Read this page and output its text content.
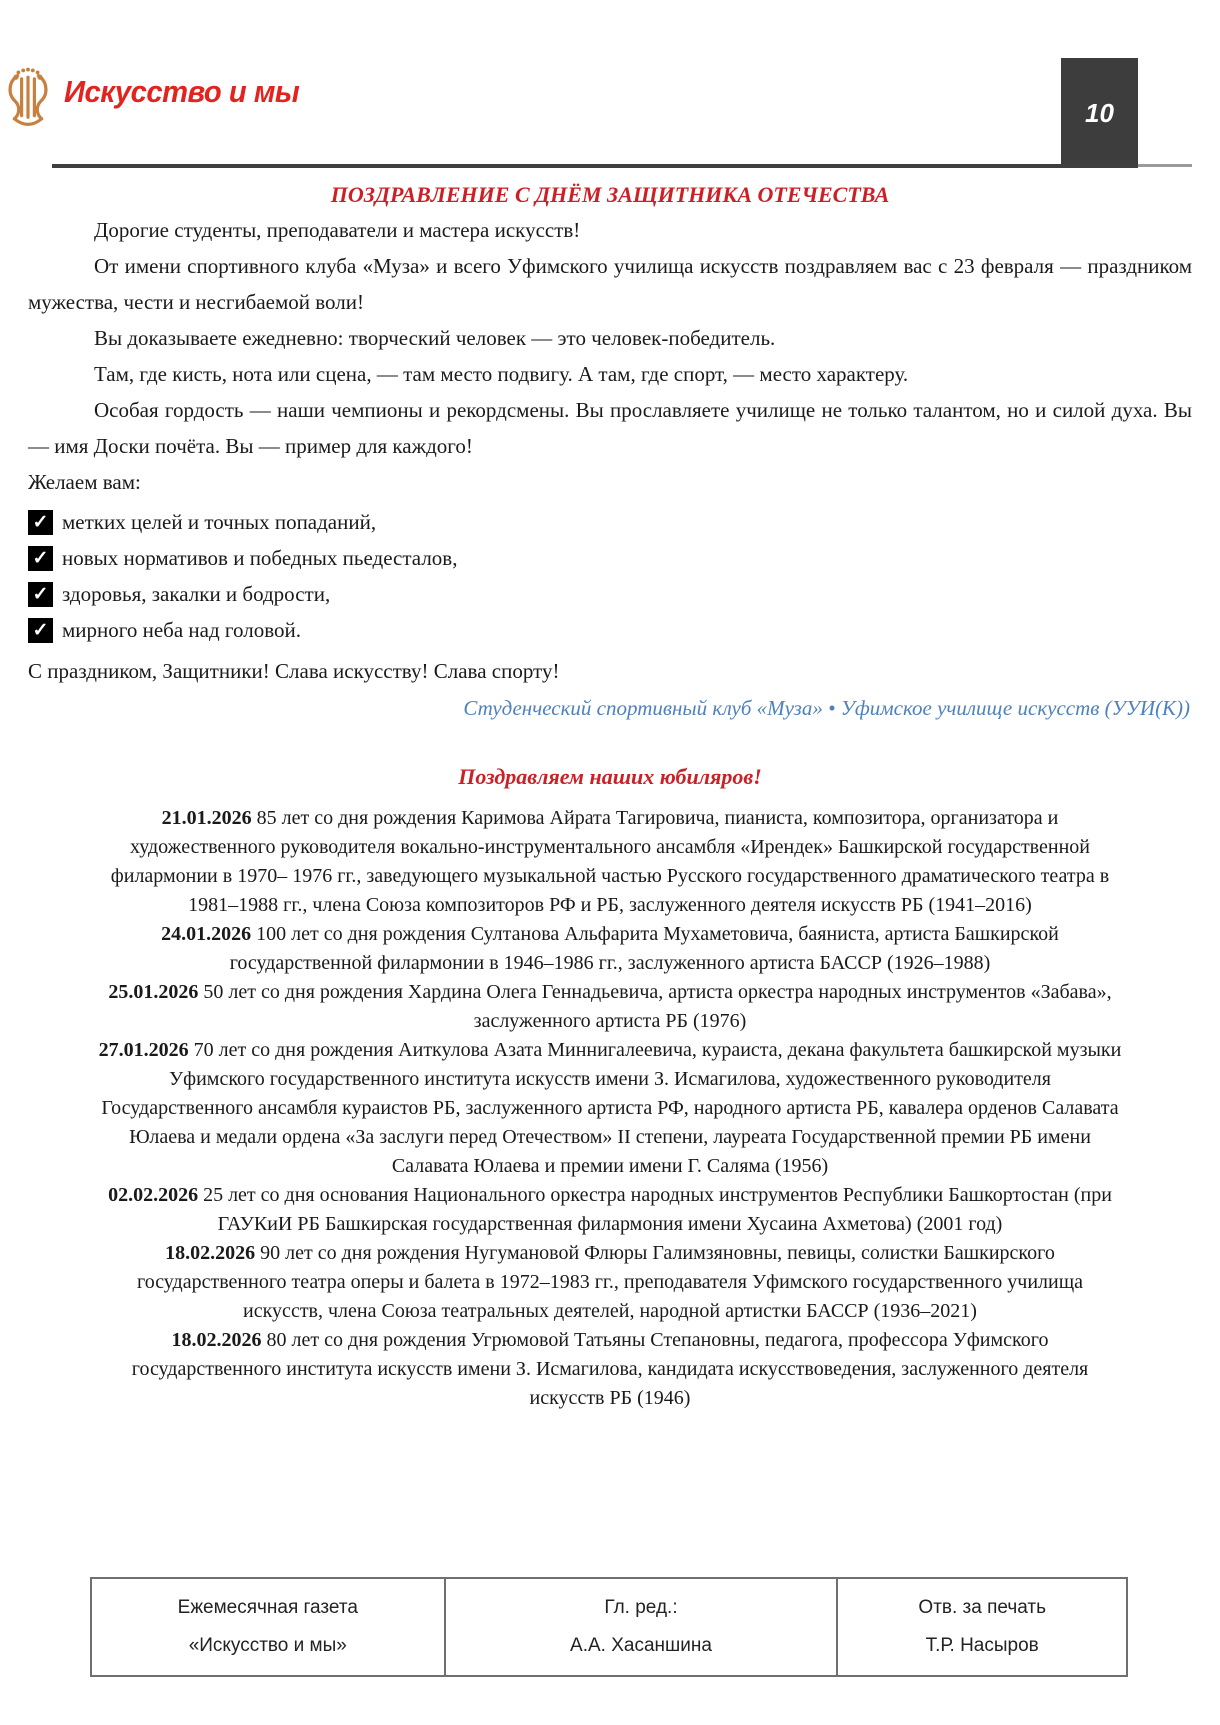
Искусство и мы
10
ПОЗДРАВЛЕНИЕ С ДНЁМ ЗАЩИТНИКА ОТЕЧЕСТВА

Дорогие студенты, преподаватели и мастера искусств!

От имени спортивного клуба «Муза» и всего Уфимского училища искусств поздравляем вас с 23 февраля — праздником мужества, чести и несгибаемой воли!

Вы доказываете ежедневно: творческий человек — это человек-победитель.

Там, где кисть, нота или сцена, — там место подвигу. А там, где спорт, — место характеру.

Особая гордость — наши чемпионы и рекордсмены. Вы прославляете училище не только талантом, но и силой духа. Вы — имя Доски почёта. Вы — пример для каждого!

Желаем вам:

✓ метких целей и точных попаданий,
✓ новых нормативов и победных пьедесталов,
✓ здоровья, закалки и бодрости,
✓ мирного неба над головой.

С праздником, Защитники! Слава искусству! Слава спорту!

Студенческий спортивный клуб «Муза» • Уфимское училище искусств (УУИ(К))

Поздравляем наших юбиляров!

21.01.2026 85 лет со дня рождения Каримова Айрата Тагировича, пианиста, композитора, организатора и художественного руководителя вокально-инструментального ансамбля «Ирендек» Башкирской государственной филармонии в 1970– 1976 гг., заведующего музыкальной частью Русского государственного драматического театра в 1981–1988 гг., члена Союза композиторов РФ и РБ, заслуженного деятеля искусств РБ (1941–2016)

24.01.2026 100 лет со дня рождения Султанова Альфарита Мухаметовича, баяниста, артиста Башкирской государственной филармонии в 1946–1986 гг., заслуженного артиста БАССР (1926–1988)

25.01.2026 50 лет со дня рождения Хардина Олега Геннадьевича, артиста оркестра народных инструментов «Забава», заслуженного артиста РБ (1976)

27.01.2026 70 лет со дня рождения Аиткулова Азата Миннигалеевича, кураиста, декана факультета башкирской музыки Уфимского государственного института искусств имени З. Исмагилова, художественного руководителя Государственного ансамбля кураистов РБ, заслуженного артиста РФ, народного артиста РБ, кавалера орденов Салавата Юлаева и медали ордена «За заслуги перед Отечеством» II степени, лауреата Государственной премии РБ имени Салавата Юлаева и премии имени Г. Саляма (1956)

02.02.2026 25 лет со дня основания Национального оркестра народных инструментов Республики Башкортостан (при ГАУКиИ РБ Башкирская государственная филармония имени Хусаина Ахметова) (2001 год)

18.02.2026 90 лет со дня рождения Нугумановой Флюры Галимзяновны, певицы, солистки Башкирского государственного театра оперы и балета в 1972–1983 гг., преподавателя Уфимского государственного училища искусств, члена Союза театральных деятелей, народной артистки БАССР (1936–2021)

18.02.2026 80 лет со дня рождения Угрюмовой Татьяны Степановны, педагога, профессора Уфимского государственного института искусств имени З. Исмагилова, кандидата искусствоведения, заслуженного деятеля искусств РБ (1946)

Ежемесячная газета
«Искусство и мы»
Гл. ред.:
А.А. Хасаншина
Отв. за печать
Т.Р. Насыров
